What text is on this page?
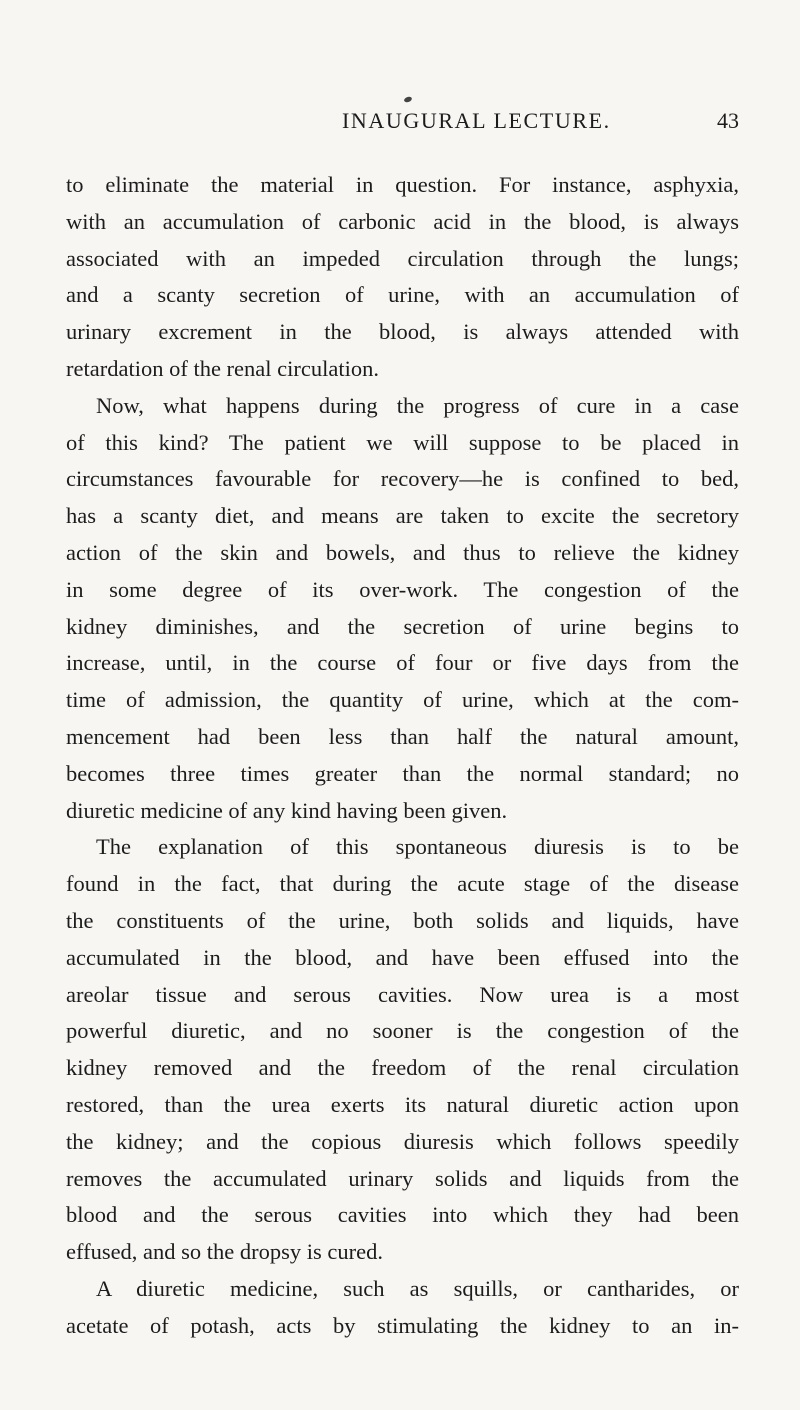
INAUGURAL LECTURE.	43
to eliminate the material in question. For instance, asphyxia,
with an accumulation of carbonic acid in the blood, is always
associated with an impeded circulation through the lungs;
and a scanty secretion of urine, with an accumulation of
urinary excrement in the blood, is always attended with
retardation of the renal circulation.
Now, what happens during the progress of cure in a case
of this kind? The patient we will suppose to be placed in
circumstances favourable for recovery—he is confined to bed,
has a scanty diet, and means are taken to excite the secretory
action of the skin and bowels, and thus to relieve the kidney
in some degree of its over-work. The congestion of the
kidney diminishes, and the secretion of urine begins to
increase, until, in the course of four or five days from the
time of admission, the quantity of urine, which at the com-
mencement had been less than half the natural amount,
becomes three times greater than the normal standard; no
diuretic medicine of any kind having been given.
The explanation of this spontaneous diuresis is to be
found in the fact, that during the acute stage of the disease
the constituents of the urine, both solids and liquids, have
accumulated in the blood, and have been effused into the
areolar tissue and serous cavities. Now urea is a most
powerful diuretic, and no sooner is the congestion of the
kidney removed and the freedom of the renal circulation
restored, than the urea exerts its natural diuretic action upon
the kidney; and the copious diuresis which follows speedily
removes the accumulated urinary solids and liquids from the
blood and the serous cavities into which they had been
effused, and so the dropsy is cured.
A diuretic medicine, such as squills, or cantharides, or
acetate of potash, acts by stimulating the kidney to an in-
